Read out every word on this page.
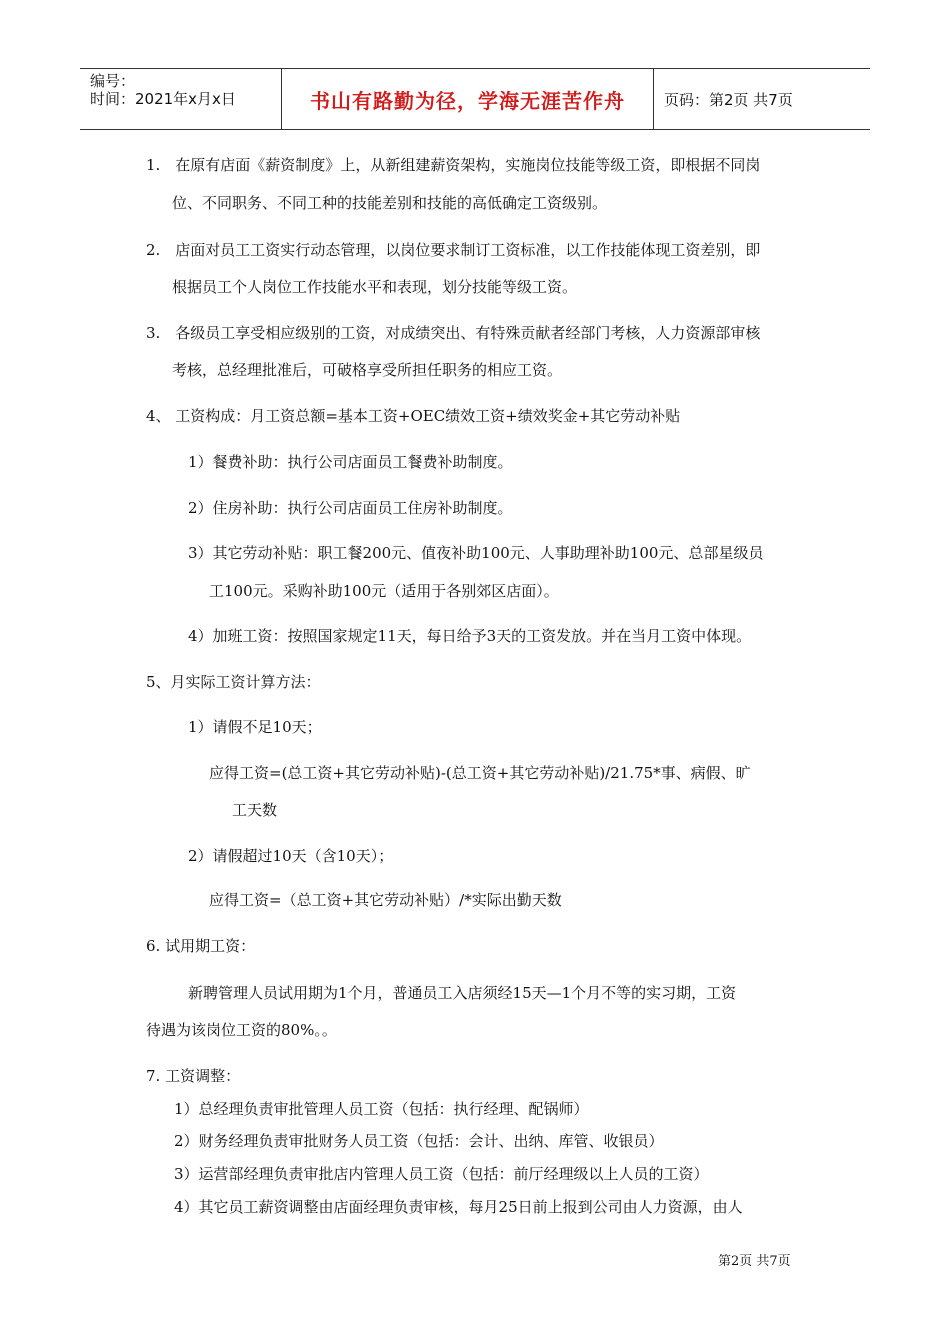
编号：
时间：2021年x月x日	书山有路勤为径，学海无涯苦作舟	页码：第2页 共7页
1.　在原有店面《薪资制度》上，从新组建薪资架构，实施岗位技能等级工资，即根据不同岗
位、不同职务、不同工种的技能差别和技能的高低确定工资级别。
2.　店面对员工工资实行动态管理，以岗位要求制订工资标准，以工作技能体现工资差别，即
根据员工个人岗位工作技能水平和表现，划分技能等级工资。
3.　各级员工享受相应级别的工资，对成绩突出、有特殊贡献者经部门考核，人力资源部审核
考核，总经理批准后，可破格享受所担任职务的相应工资。
4、 工资构成：月工资总额=基本工资+OEC绩效工资+绩效奖金+其它劳动补贴
1）餐费补助：执行公司店面员工餐费补助制度。
2）住房补助：执行公司店面员工住房补助制度。
3）其它劳动补贴：职工餐200元、值夜补助100元、人事助理补助100元、总部星级员
工100元。采购补助100元（适用于各别郊区店面）。
4）加班工资：按照国家规定11天，每日给予3天的工资发放。并在当月工资中体现。
5、月实际工资计算方法：
1）请假不足10天；
应得工资=(总工资+其它劳动补贴)-(总工资+其它劳动补贴)/21.75*事、病假、旷
工天数
2）请假超过10天（含10天）；
应得工资=（总工资+其它劳动补贴）/*实际出勤天数
6. 试用期工资：
新聘管理人员试用期为1个月，普通员工入店须经15天—1个月不等的实习期，工资
待遇为该岗位工资的80%。。
7. 工资调整：
1）总经理负责审批管理人员工资（包括：执行经理、配锅师）
2）财务经理负责审批财务人员工资（包括：会计、出纳、库管、收银员）
3）运营部经理负责审批店内管理人员工资（包括：前厅经理级以上人员的工资）
4）其它员工薪资调整由店面经理负责审核，每月25日前上报到公司由人力资源，由人
第2页 共7页
